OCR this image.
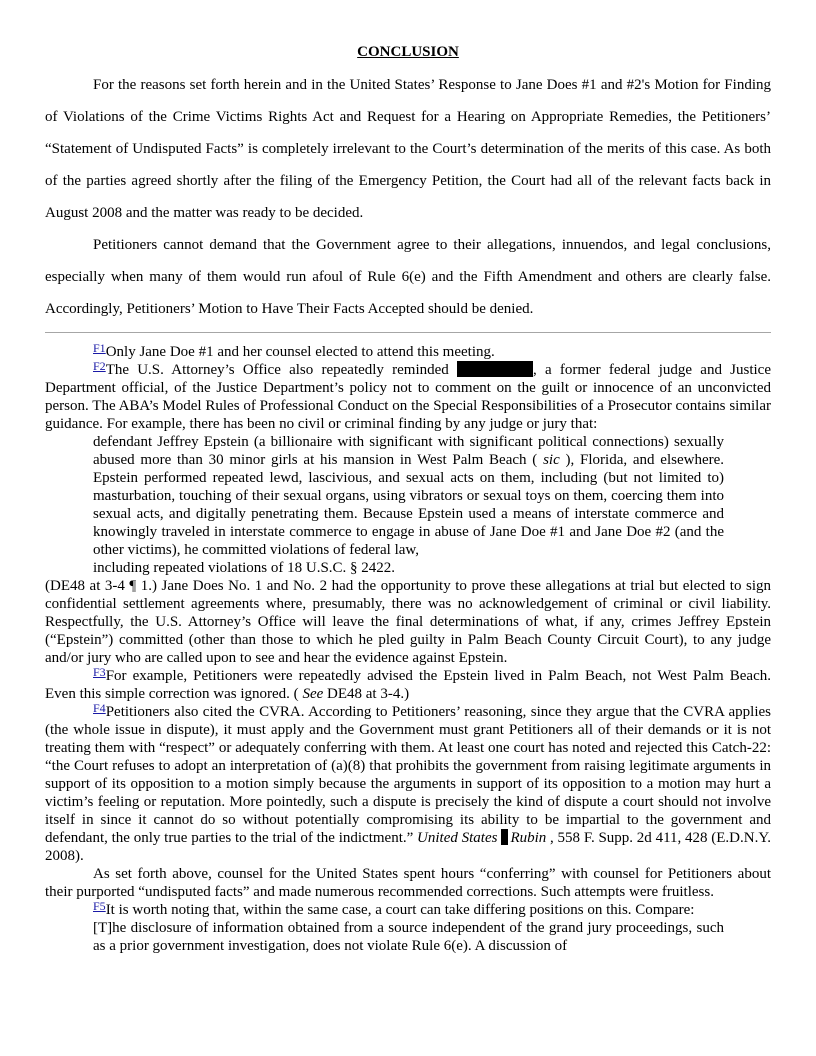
CONCLUSION

For the reasons set forth herein and in the United States’ Response to Jane Does #1 and #2's Motion for Finding of Violations of the Crime Victims Rights Act and Request for a Hearing on Appropriate Remedies, the Petitioners’ “Statement of Undisputed Facts” is completely irrelevant to the Court’s determination of the merits of this case. As both of the parties agreed shortly after the filing of the Emergency Petition, the Court had all of the relevant facts back in August 2008 and the matter was ready to be decided.

Petitioners cannot demand that the Government agree to their allegations, innuendos, and legal conclusions, especially when many of them would run afoul of Rule 6(e) and the Fifth Amendment and others are clearly false. Accordingly, Petitioners’ Motion to Have Their Facts Accepted should be denied.

$^{F1}$Only Jane Doe #1 and her counsel elected to attend this meeting.

$^{F2}$The U.S. Attorney’s Office also repeatedly reminded	, a former federal judge and Justice Department official, of the Justice Department’s policy not to comment on the guilt or innocence of an unconvicted person. The ABA’s Model Rules of Professional Conduct on the Special Responsibilities of a Prosecutor contains similar guidance. For example, there has been no civil or criminal finding by any judge or jury that:

defendant Jeffrey Epstein (a billionaire with significant with significant political connections) sexually abused more than 30 minor girls at his mansion in West Palm Beach ( sic ), Florida, and elsewhere. Epstein performed repeated lewd, lascivious, and sexual acts on them, including (but not limited to) masturbation, touching of their sexual organs, using vibrators or sexual toys on them, coercing them into sexual acts, and digitally penetrating them. Because Epstein used a means of interstate commerce and knowingly traveled in interstate commerce to engage in abuse of Jane Doe #1 and Jane Doe #2 (and the other victims), he committed violations of federal law,
including repeated violations of 18 U.S.C. § 2422.

(DE48 at 3-4 ¶ 1.) Jane Does No. 1 and No. 2 had the opportunity to prove these allegations at trial but elected to sign confidential settlement agreements where, presumably, there was no acknowledgement of criminal or civil liability. Respectfully, the U.S. Attorney’s Office will leave the final determinations of what, if any, crimes Jeffrey Epstein (“Epstein”) committed (other than those to which he pled guilty in Palm Beach County Circuit Court), to any judge and/or jury who are called upon to see and hear the evidence against Epstein.

$^{F3}$For example, Petitioners were repeatedly advised the Epstein lived in Palm Beach, not West Palm Beach. Even this simple correction was ignored. ( See DE48 at 3-4.)

$^{F4}$Petitioners also cited the CVRA. According to Petitioners’ reasoning, since they argue that the CVRA applies (the whole issue in dispute), it must apply and the Government must grant Petitioners all of their demands or it is not treating them with “respect” or adequately conferring with them. At least one court has noted and rejected this Catch-22: “the Court refuses to adopt an interpretation of (a)(8) that prohibits the government from raising legitimate arguments in support of its opposition to a motion simply because the arguments in support of its opposition to a motion may hurt a victim’s feeling or reputation. More pointedly, such a dispute is precisely the kind of dispute a court should not involve itself in since it cannot do so without potentially compromising its ability to be impartial to the government and defendant, the only true parties to the trial of the indictment.” United States Rubin , 558 F. Supp. 2d 411, 428 (E.D.N.Y. 2008).

As set forth above, counsel for the United States spent hours “conferring” with counsel for Petitioners about their purported “undisputed facts” and made numerous recommended corrections. Such attempts were fruitless.

$^{F5}$It is worth noting that, within the same case, a court can take differing positions on this. Compare:

[T]he disclosure of information obtained from a source independent of the grand jury proceedings, such as a prior government investigation, does not violate Rule 6(e). A discussion of
